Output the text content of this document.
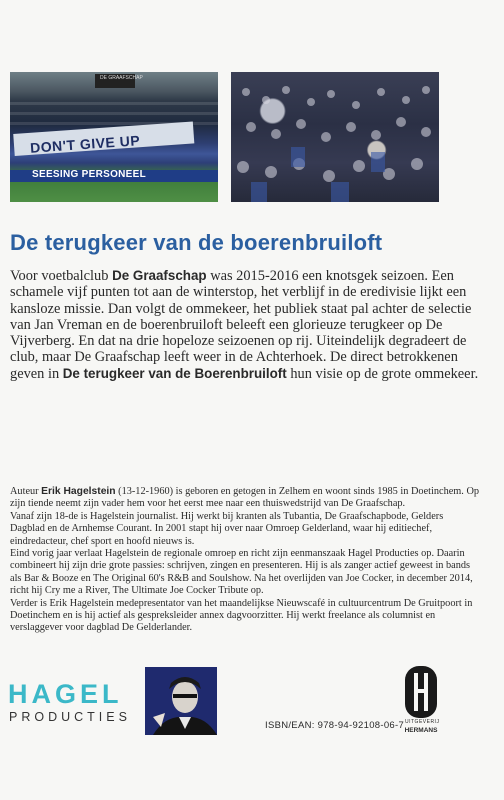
DE GRAAFSCHAP
DON'T GIVE UP
SEESING PERSONEEL
De terugkeer van de boerenbruiloft

Voor voetbalclub De Graafschap was 2015-2016 een knotsgek seizoen. Een schamele vijf punten tot aan de winterstop, het verblijf in de eredivisie lijkt een kansloze missie. Dan volgt de ommekeer, het publiek staat pal achter de selectie van Jan Vreman en de boerenbruiloft beleeft een glorieuze terugkeer op De Vijverberg. En dat na drie hopeloze seizoenen op rij. Uiteindelijk degradeert de club, maar De Graafschap leeft weer in de Achterhoek. De direct betrokkenen geven in De terugkeer van de Boerenbruiloft hun visie op de grote ommekeer.

Auteur Erik Hagelstein (13-12-1960) is geboren en getogen in Zelhem en woont sinds 1985 in Doetinchem. Op zijn tiende neemt zijn vader hem voor het eerst mee naar een thuiswedstrijd van De Graafschap.

Vanaf zijn 18-de is Hagelstein journalist. Hij werkt bij kranten als Tubantia, De Graafschapbode, Gelders Dagblad en de Arnhemse Courant. In 2001 stapt hij over naar Omroep Gelderland, waar hij editiechef, eindredacteur, chef sport en hoofd nieuws is.

Eind vorig jaar verlaat Hagelstein de regionale omroep en richt zijn eenmanszaak Hagel Producties op. Daarin combineert hij zijn drie grote passies: schrijven, zingen en presenteren. Hij is als zanger actief geweest in bands als Bar & Booze en The Original 60's R&B and Soulshow. Na het overlijden van Joe Cocker, in december 2014, richt hij Cry me a River, The Ultimate Joe Cocker Tribute op.

Verder is Erik Hagelstein medepresentator van het maandelijkse Nieuwscafé in cultuurcentrum De Gruitpoort in Doetinchem en is hij actief als gespreksleider annex dagvoorzitter. Hij werkt freelance als columnist en verslaggever voor dagblad De Gelderlander.

HAGEL
PRODUCTIES
ISBN/EAN: 978-94-92108-06-7 UITGEVERIJ
HERMANS
